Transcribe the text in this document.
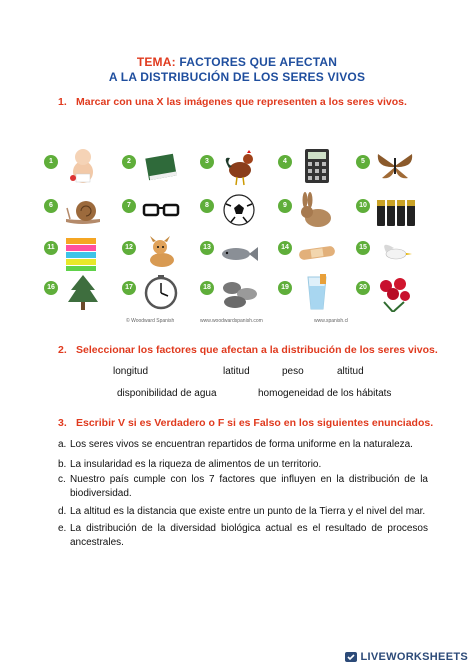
TEMA: FACTORES QUE AFECTAN
A LA DISTRIBUCIÓN DE LOS SERES VIVOS
1. Marcar con una X las imágenes que representen a los seres vivos.
1	2	3	4	5
6	7	8	9	10
11	12	13	14	15
16	17	18	19	20
© Woodward Spanish	www.woodwardspanish.com	www.spanish.cl
2. Seleccionar los factores que afectan a la distribución de los seres vivos.
longitud	latitud	peso	altitud
disponibilidad de agua	homogeneidad de los hábitats
3. Escribir V si es Verdadero o F si es Falso en los siguientes enunciados.
a. Los seres vivos se encuentran repartidos de forma uniforme en la naturaleza.
b. La insularidad es la riqueza de alimentos de un territorio.
c. Nuestro país cumple con los 7 factores que influyen en la distribución de la biodiversidad.
d. La altitud es la distancia que existe entre un punto de la Tierra y el nivel del mar.
e. La distribución de la diversidad biológica actual es el resultado de procesos ancestrales.
LIVEWORKSHEETS
